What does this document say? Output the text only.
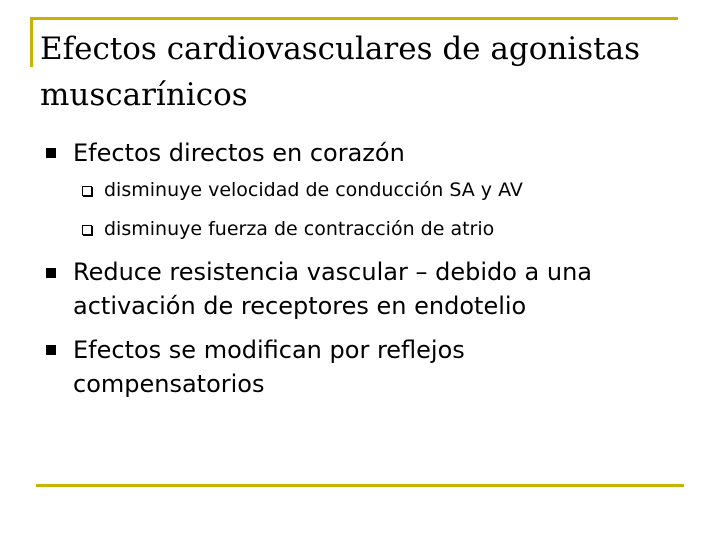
Efectos cardiovasculares de agonistas
muscarínicos
Efectos directos en corazón
disminuye velocidad de conducción SA y AV
disminuye fuerza de contracción de atrio
Reduce resistencia vascular – debido a una
activación de receptores en endotelio
Efectos se modifican por reflejos
compensatorios
